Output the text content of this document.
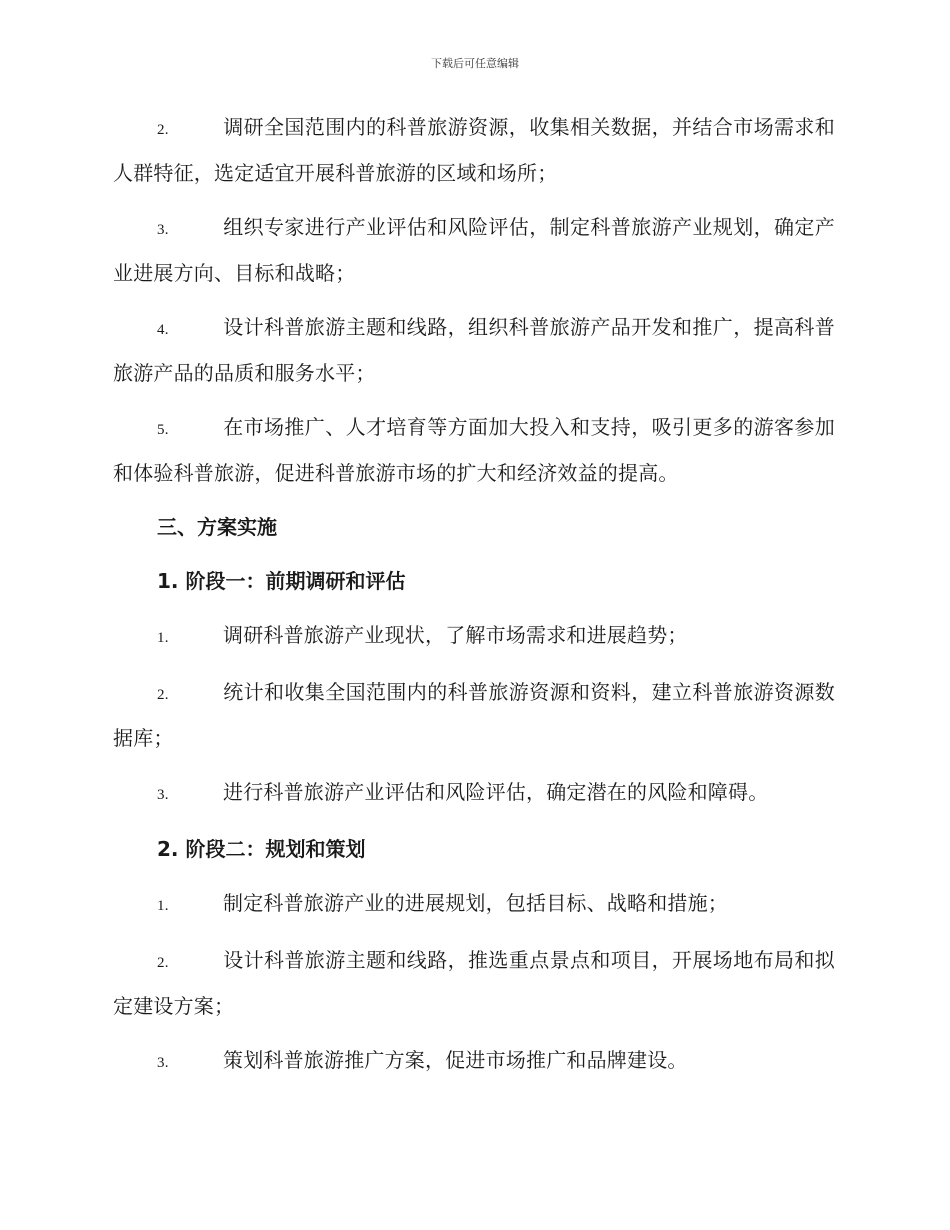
下载后可任意编辑

2.	调研全国范围内的科普旅游资源，收集相关数据，并结合市场需求和人群特征，选定适宜开展科普旅游的区域和场所；

3.	组织专家进行产业评估和风险评估，制定科普旅游产业规划，确定产业进展方向、目标和战略；

4.	设计科普旅游主题和线路，组织科普旅游产品开发和推广，提高科普旅游产品的品质和服务水平；

5.	在市场推广、人才培育等方面加大投入和支持，吸引更多的游客参加和体验科普旅游，促进科普旅游市场的扩大和经济效益的提高。

三、方案实施

1. 阶段一：前期调研和评估

1.	调研科普旅游产业现状，了解市场需求和进展趋势；

2.	统计和收集全国范围内的科普旅游资源和资料，建立科普旅游资源数据库；

3.	进行科普旅游产业评估和风险评估，确定潜在的风险和障碍。

2. 阶段二：规划和策划

1.	制定科普旅游产业的进展规划，包括目标、战略和措施；

2.	设计科普旅游主题和线路，推选重点景点和项目，开展场地布局和拟定建设方案；

3.	策划科普旅游推广方案，促进市场推广和品牌建设。
